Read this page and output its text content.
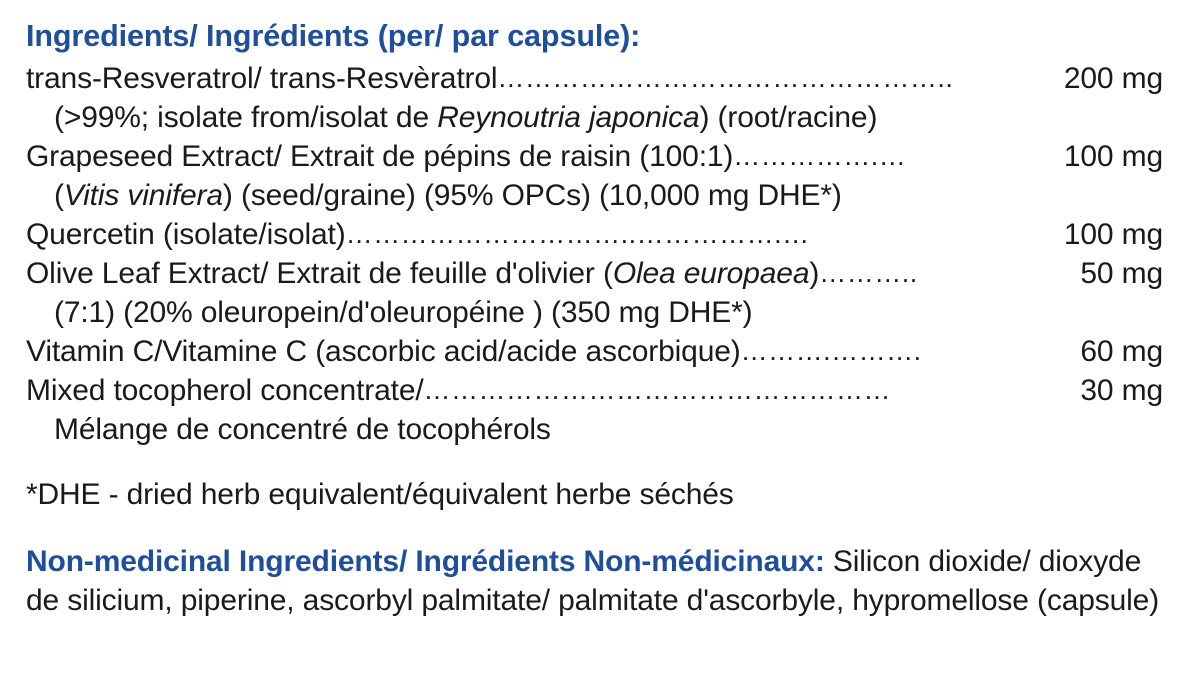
Ingredients/ Ingrédients (per/ par capsule):
trans-Resveratrol/ trans-Resvèratrol …………………………………………..	200 mg
(>99%; isolate from/isolat de Reynoutria japonica) (root/racine)
Grapeseed Extract/ Extrait de pépins de raisin (100:1) …………….…	100 mg
(Vitis vinifera) (seed/graine) (95% OPCs) (10,000 mg DHE*)
Quercetin (isolate/isolat) …………………………..…………….…	100 mg
Olive Leaf Extract/ Extrait de feuille d'olivier (Olea europaea) ………..	50 mg
(7:1) (20% oleuropein/d'oleuropéine ) (350 mg DHE*)
Vitamin C/Vitamine C (ascorbic acid/acide ascorbique) ……….……….	60 mg
Mixed tocopherol concentrate/ ……………………………………………	30 mg
Mélange de concentré de tocophérols
*DHE - dried herb equivalent/équivalent herbe séchés
Non-medicinal Ingredients/ Ingrédients Non-médicinaux: Silicon dioxide/ dioxyde de silicium, piperine, ascorbyl palmitate/ palmitate d'ascorbyle, hypromellose (capsule)
